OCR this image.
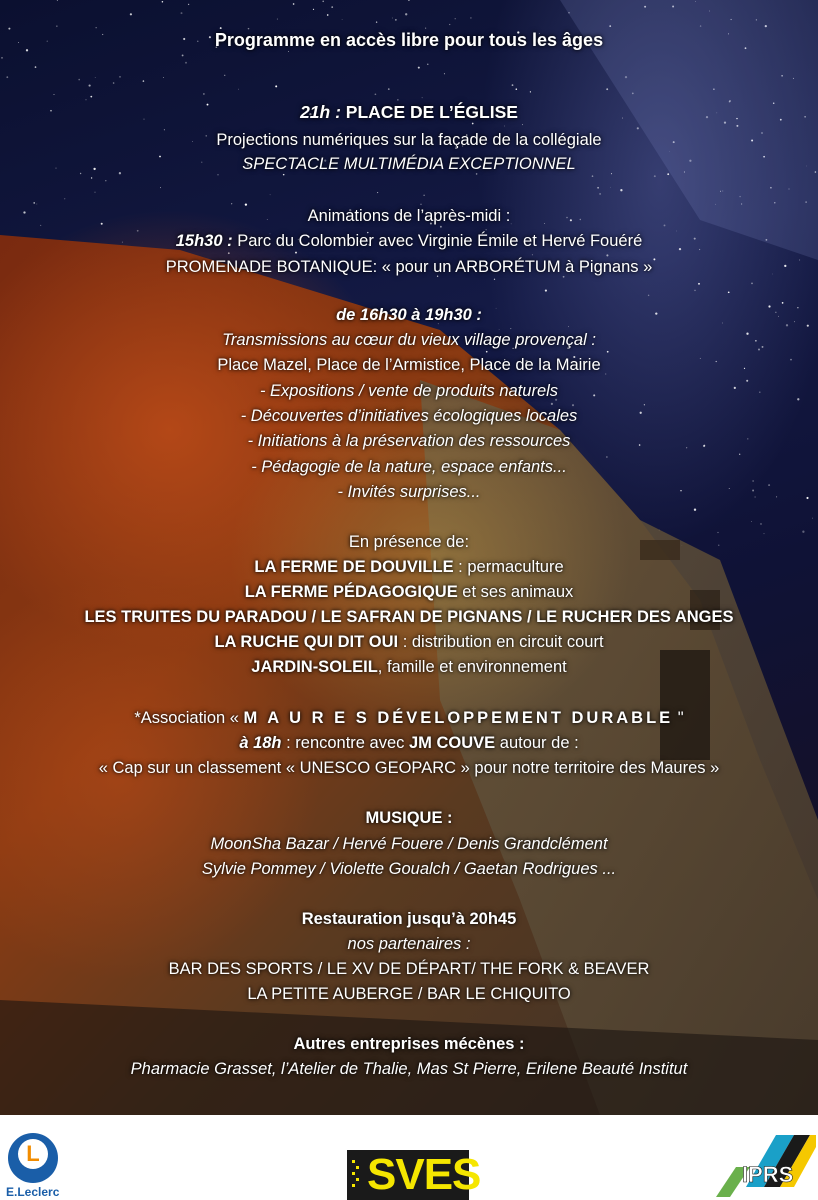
Programme en accès libre pour tous les âges
21h : PLACE DE L’ÉGLISE
Projections numériques sur la façade de la collégiale
SPECTACLE MULTIMÉDIA EXCEPTIONNEL
Animations de l’après-midi :
15h30 : Parc du Colombier avec Virginie Émile et Hervé Fouéré
PROMENADE BOTANIQUE: « pour un ARBORÉTUM à Pignans »
de 16h30 à 19h30 :
Transmissions au cœur du vieux village provençal :
Place Mazel, Place de l’Armistice, Place de la Mairie
- Expositions / vente de produits naturels
- Découvertes d’initiatives écologiques locales
- Initiations à la préservation des ressources
- Pédagogie de la nature, espace enfants...
- Invités surprises...
En présence de:
LA FERME DE DOUVILLE : permaculture
LA FERME PÉDAGOGIQUE et ses animaux
LES TRUITES DU PARADOU / LE SAFRAN DE PIGNANS / LE RUCHER DES ANGES
LA RUCHE QUI DIT OUI : distribution en circuit court
JARDIN-SOLEIL, famille et environnement
*Association « M A U R E S DÉVELOPPEMENT DURABLE "
à 18h : rencontre avec JM COUVE autour de :
« Cap sur un classement « UNESCO GEOPARC » pour notre territoire des Maures »
MUSIQUE :
MoonSha Bazar / Hervé Fouere / Denis Grandclément
Sylvie Pommey / Violette Goualch / Gaetan Rodrigues ...
Restauration jusqu’à 20h45
nos partenaires :
BAR DES SPORTS / LE XV DE DÉPART/ THE FORK & BEAVER
LA PETITE AUBERGE / BAR LE CHIQUITO
Autres entreprises mécènes :
Pharmacie Grasset, l’Atelier de Thalie, Mas St Pierre, Erilene Beauté Institut
L
E.Leclerc	SVES	IPRS
